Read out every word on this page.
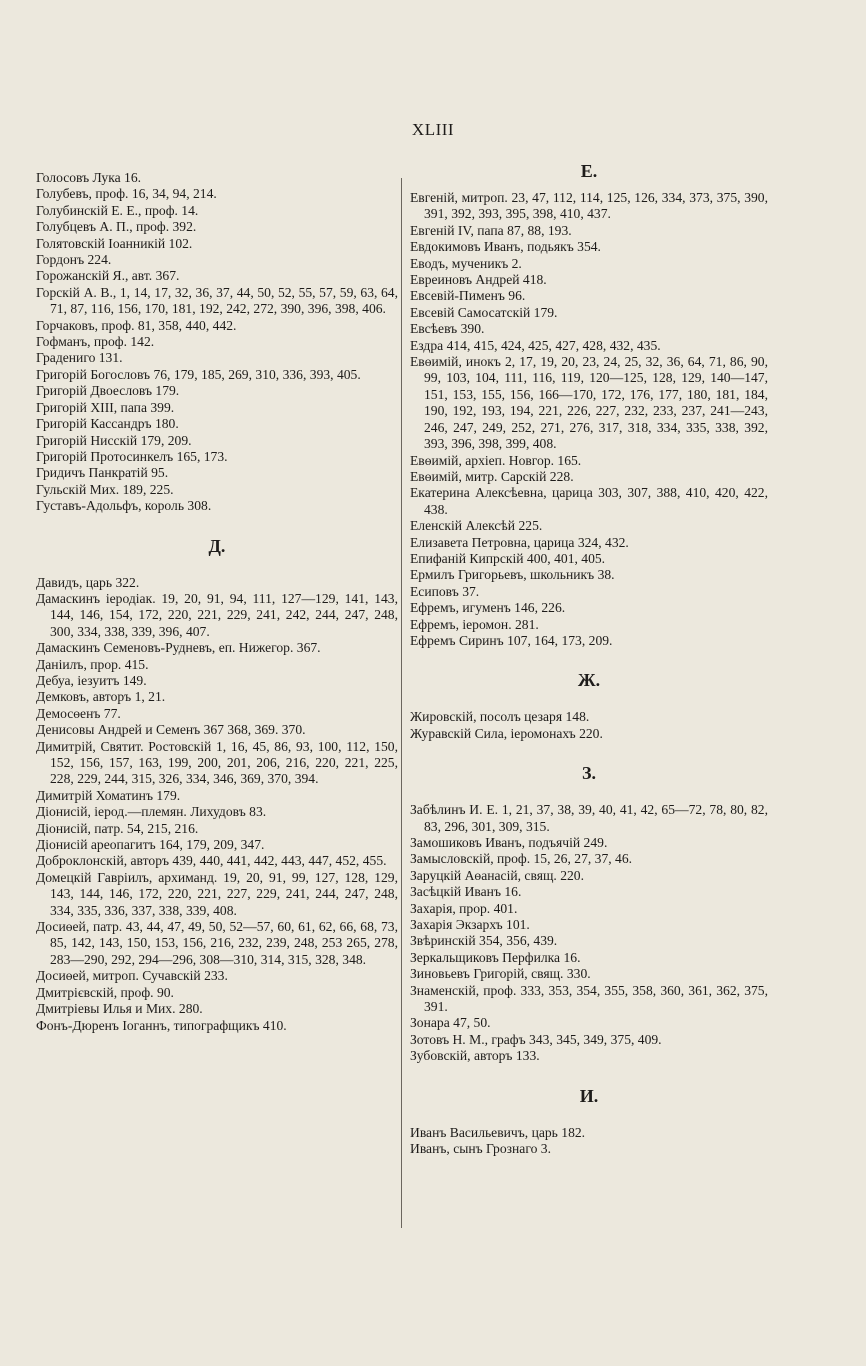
XLIII
Голосовъ Лука 16.
Голубевъ, проф. 16, 34, 94, 214.
Голубинскій Е. Е., проф. 14.
Голубцевъ А. П., проф. 392.
Голятовскій Іоанникій 102.
Гордонъ 224.
Горожанскій Я., авт. 367.
Горскій А. В., 1, 14, 17, 32, 36, 37, 44, 50, 52, 55, 57, 59, 63, 64, 71, 87, 116, 156, 170, 181, 192, 242, 272, 390, 396, 398, 406.
Горчаковъ, проф. 81, 358, 440, 442.
Гофманъ, проф. 142.
Градениго 131.
Григорій Богословъ 76, 179, 185, 269, 310, 336, 393, 405.
Григорій Двоесловъ 179.
Григорій XIII, папа 399.
Григорій Кассандръ 180.
Григорій Нисскій 179, 209.
Григорій Протосинкелъ 165, 173.
Гридичъ Панкратій 95.
Гульскій Мих. 189, 225.
Густавъ-Адольфъ, король 308.
Д.
Давидъ, царь 322.
Дамаскинъ іеродіак. 19, 20, 91, 94, 111, 127—129, 141, 143, 144, 146, 154, 172, 220, 221, 229, 241, 242, 244, 247, 248, 300, 334, 338, 339, 396, 407.
Дамаскинъ Семеновъ-Рудневъ, еп. Нижегор. 367.
Даніилъ, прор. 415.
Дебуа, іезуитъ 149.
Демковъ, авторъ 1, 21.
Демосѳенъ 77.
Денисовы Андрей и Семенъ 367 368, 369. 370.
Димитрій, Святит. Ростовскій 1, 16, 45, 86, 93, 100, 112, 150, 152, 156, 157, 163, 199, 200, 201, 206, 216, 220, 221, 225, 228, 229, 244, 315, 326, 334, 346, 369, 370, 394.
Димитрій Хоматинъ 179.
Діонисій, іерод.—племян. Лихудовъ 83.
Діонисій, патр. 54, 215, 216.
Діонисій ареопагитъ 164, 179, 209, 347.
Доброклонскій, авторъ 439, 440, 441, 442, 443, 447, 452, 455.
Домецкій Гавріилъ, архиманд. 19, 20, 91, 99, 127, 128, 129, 143, 144, 146, 172, 220, 221, 227, 229, 241, 244, 247, 248, 334, 335, 336, 337, 338, 339, 408.
Досиѳей, патр. 43, 44, 47, 49, 50, 52—57, 60, 61, 62, 66, 68, 73, 85, 142, 143, 150, 153, 156, 216, 232, 239, 248, 253 265, 278, 283—290, 292, 294—296, 308—310, 314, 315, 328, 348.
Досиѳей, митроп. Сучавскій 233.
Дмитрієвскій, проф. 90.
Дмитріевы Илья и Мих. 280.
Фонъ-Дюренъ Іоганнъ, типографщикъ 410.
Е.
Евгеній, митроп. 23, 47, 112, 114, 125, 126, 334, 373, 375, 390, 391, 392, 393, 395, 398, 410, 437.
Евгеній IV, папа 87, 88, 193.
Евдокимовъ Иванъ, подьякъ 354.
Еводъ, мученикъ 2.
Евреиновъ Андрей 418.
Евсевій-Пименъ 96.
Евсевій Самосатскій 179.
Евсѣевъ 390.
Ездра 414, 415, 424, 425, 427, 428, 432, 435.
Евѳимій, инокъ 2, 17, 19, 20, 23, 24, 25, 32, 36, 64, 71, 86, 90, 99, 103, 104, 111, 116, 119, 120—125, 128, 129, 140—147, 151, 153, 155, 156, 166—170, 172, 176, 177, 180, 181, 184, 190, 192, 193, 194, 221, 226, 227, 232, 233, 237, 241—243, 246, 247, 249, 252, 271, 276, 317, 318, 334, 335, 338, 392, 393, 396, 398, 399, 408.
Евѳимій, архіеп. Новгор. 165.
Евѳимій, митр. Сарскій 228.
Екатерина Алексѣевна, царица 303, 307, 388, 410, 420, 422, 438.
Еленскій Алексѣй 225.
Елизавета Петровна, царица 324, 432.
Епифаній Кипрскій 400, 401, 405.
Ермилъ Григорьевъ, школьникъ 38.
Есиповъ 37.
Ефремъ, игуменъ 146, 226.
Ефремъ, іеромон. 281.
Ефремъ Сиринъ 107, 164, 173, 209.
Ж.
Жировскій, посолъ цезаря 148.
Журавскій Сила, іеромонахъ 220.
З.
Забѣлинъ И. Е. 1, 21, 37, 38, 39, 40, 41, 42, 65—72, 78, 80, 82, 83, 296, 301, 309, 315.
Замошиковъ Иванъ, подъячій 249.
Замысловскій, проф. 15, 26, 27, 37, 46.
Заруцкій Аѳанасій, свящ. 220.
Засѣцкій Иванъ 16.
Захарія, прор. 401.
Захарія Экзархъ 101.
Звѣринскій 354, 356, 439.
Зеркальщиковъ Перфилка 16.
Зиновьевъ Григорій, свящ. 330.
Знаменскій, проф. 333, 353, 354, 355, 358, 360, 361, 362, 375, 391.
Зонара 47, 50.
Зотовъ Н. М., графъ 343, 345, 349, 375, 409.
Зубовскій, авторъ 133.
И.
Иванъ Васильевичъ, царь 182.
Иванъ, сынъ Грознаго 3.
